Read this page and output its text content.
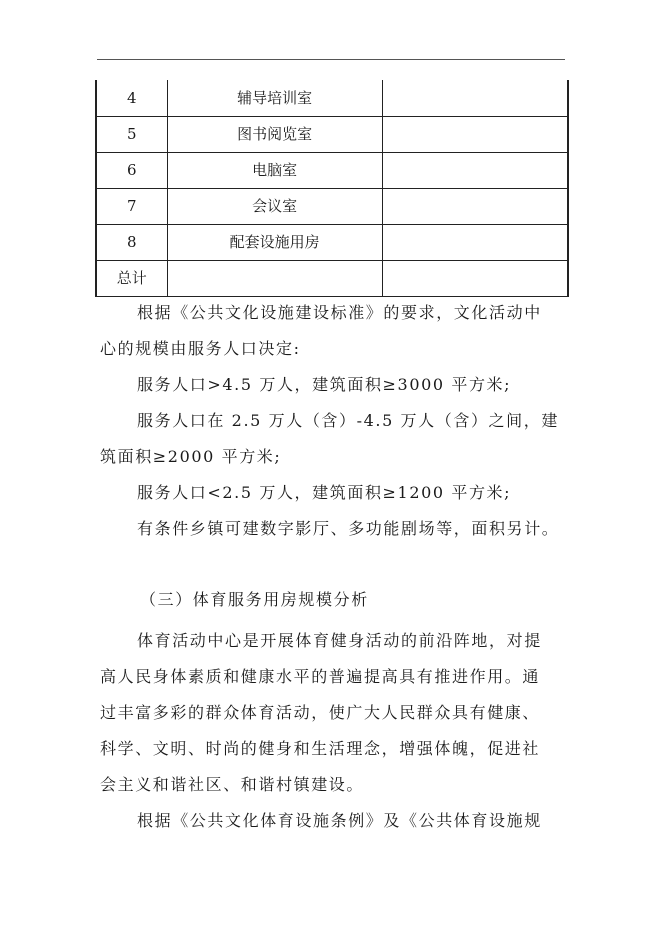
4	辅导培训室	
5	图书阅览室	
6	电脑室	
7	会议室	
8	配套设施用房	
总计		
根据《公共文化设施建设标准》的要求，文化活动中
心的规模由服务人口决定:
服务人口>4.5 万人，建筑面积≥3000 平方米;
服务人口在 2.5 万人（含）-4.5 万人（含）之间，建
筑面积≥2000 平方米;
服务人口<2.5 万人，建筑面积≥1200 平方米;
有条件乡镇可建数字影厅、多功能剧场等，面积另计。
（三）体育服务用房规模分析
体育活动中心是开展体育健身活动的前沿阵地，对提
高人民身体素质和健康水平的普遍提高具有推进作用。通
过丰富多彩的群众体育活动，使广大人民群众具有健康、
科学、文明、时尚的健身和生活理念，增强体魄，促进社
会主义和谐社区、和谐村镇建设。
根据《公共文化体育设施条例》及《公共体育设施规
